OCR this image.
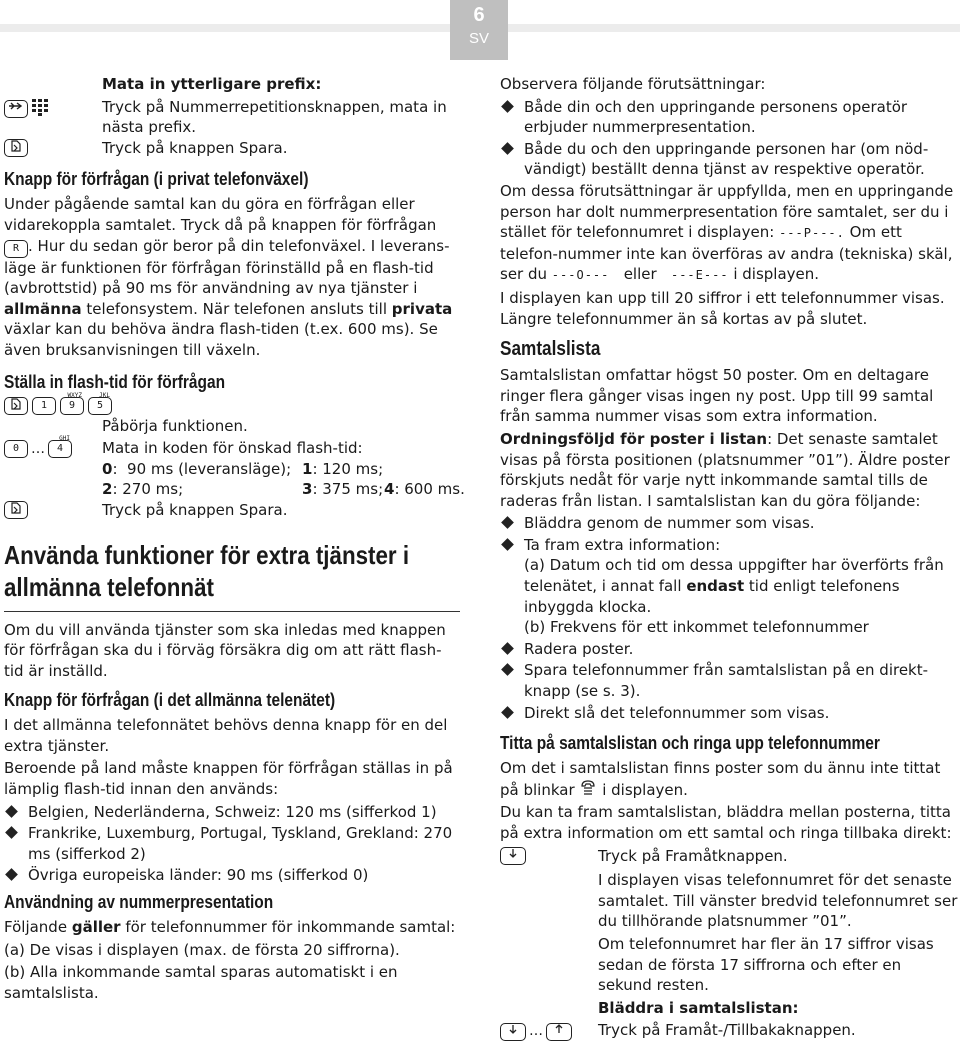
6
SV

Mata in ytterligare prefix:

Tryck på Nummerrepetitionsknappen, mata in nästa prefix.
Tryck på knappen Spara.
Knapp för förfrågan (i privat telefonväxel)

Under pågående samtal kan du göra en förfrågan eller vidarekoppla samtalet. Tryck då på knappen för förfrågan R . Hur du sedan gör beror på din telefonväxel. I leverans-läge är funktionen för förfrågan förinställd på en flash-tid (avbrottstid) på 90 ms för användning av nya tjänster i allmänna telefonsystem. När telefonen ansluts till privata växlar kan du behöva ändra flash-tiden (t.ex. 600 ms). Se även bruksanvisningen till växeln.

Ställa in flash-tid för förfrågan
1
WXYZ
9
JKL
5

Påbörja funktionen.

0 …
GHI
4	Mata in koden för önskad flash-tid:
0:  90 ms (leveransläge); 1: 120 ms;
2: 270 ms;	3: 375 ms; 4: 600 ms.
Tryck på knappen Spara.
Använda funktioner för extra tjänster i
allmänna telefonnät

Om du vill använda tjänster som ska inledas med knappen för förfrågan ska du i förväg försäkra dig om att rätt flash-tid är inställd.

Knapp för förfrågan (i det allmänna telenätet)

I det allmänna telefonnätet behövs denna knapp för en del extra tjänster.

Beroende på land måste knappen för förfrågan ställas in på lämplig flash-tid innan den används:

Belgien, Nederländerna, Schweiz: 120 ms (sifferkod 1)
Frankrike, Luxemburg, Portugal, Tyskland, Grekland: 270 ms (sifferkod 2)
Övriga europeiska länder: 90 ms (sifferkod 0)
Användning av nummerpresentation

Följande gäller för telefonnummer för inkommande samtal:

(a) De visas i displayen (max. de första 20 siffrorna).

(b) Alla inkommande samtal sparas automatiskt i en samtalslista.

Observera följande förutsättningar:

Både din och den uppringande personens operatör erbjuder nummerpresentation.
Både du och den uppringande personen har (om nöd-vändigt) beställt denna tjänst av respektive operatör.

Om dessa förutsättningar är uppfyllda, men en uppringande person har dolt nummerpresentation före samtalet, ser du i stället för telefonnumret i displayen: ---P---. Om ett telefon-nummer inte kan överföras av andra (tekniska) skäl, ser du ---O--- eller ---E--- i displayen.

I displayen kan upp till 20 siffror i ett telefonnummer visas. Längre telefonnummer än så kortas av på slutet.

Samtalslista

Samtalslistan omfattar högst 50 poster. Om en deltagare ringer flera gånger visas ingen ny post. Upp till 99 samtal från samma nummer visas som extra information.

Ordningsföljd för poster i listan: Det senaste samtalet visas på första positionen (platsnummer ”01”). Äldre poster förskjuts nedåt för varje nytt inkommande samtal tills de raderas från listan. I samtalslistan kan du göra följande:

Bläddra genom de nummer som visas.
Ta fram extra information:
(a) Datum och tid om dessa uppgifter har överförts från telenätet, i annat fall endast tid enligt telefonens inbyggda klocka.
(b) Frekvens för ett inkommet telefonnummer
Radera poster.
Spara telefonnummer från samtalslistan på en direkt-knapp (se s. 3).
Direkt slå det telefonnummer som visas.
Titta på samtalslistan och ringa upp telefonnummer

Om det i samtalslistan finns poster som du ännu inte tittat på blinkar i displayen.

Du kan ta fram samtalslistan, bläddra mellan posterna, titta på extra information om ett samtal och ringa tillbaka direkt:

Tryck på Framåtknappen.

I displayen visas telefonnumret för det senaste samtalet. Till vänster bredvid telefonnumret ser du tillhörande platsnummer ”01”.

Om telefonnumret har fler än 17 siffror visas sedan de första 17 siffrorna och efter en sekund resten.

Bläddra i samtalslistan:

…	Tryck på Framåt-/Tillbakaknappen.
